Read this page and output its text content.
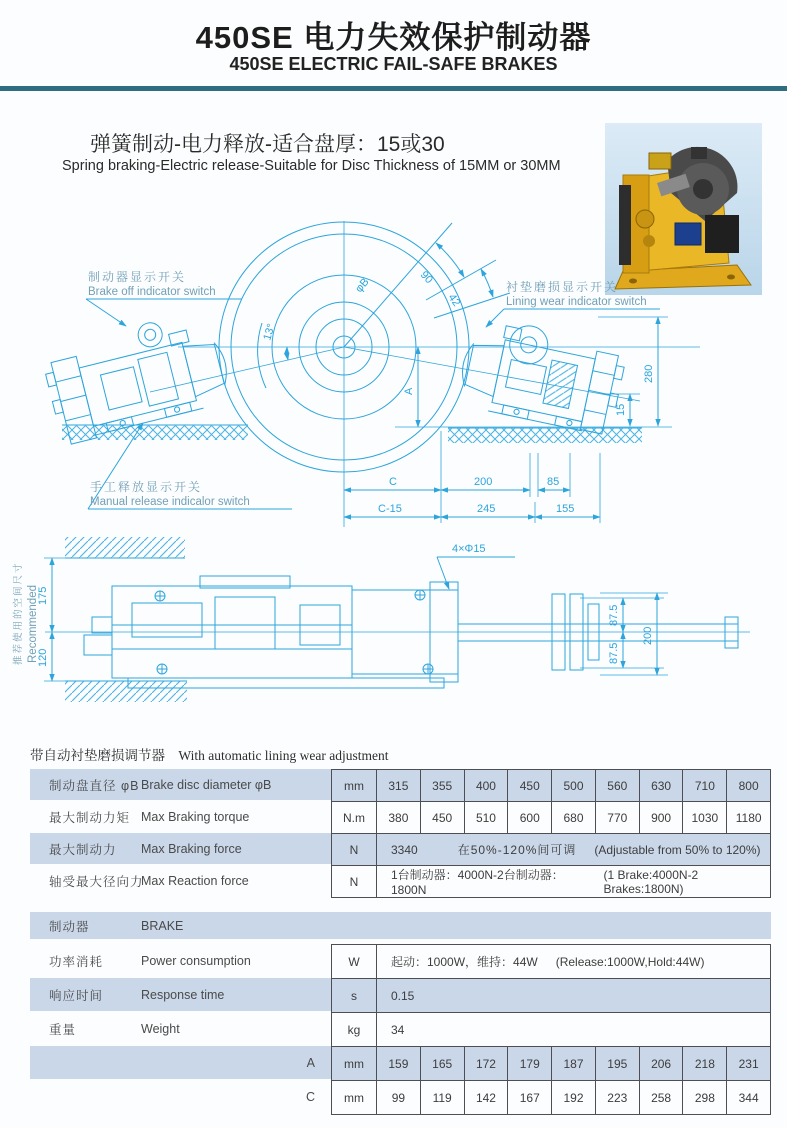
450SE 电力失效保护制动器
450SE ELECTRIC FAIL-SAFE BRAKES
弹簧制动-电力释放-适合盘厚：15或30
Spring braking-Electric release-Suitable for Disc Thickness of 15MM or 30MM
制动器显示开关
Brake off indicator switch	衬垫磨损显示开关
Lining wear indicator switch
手工释放显示开关
Manual release indicalor switch
φB	90
42
13°
A
280
15
C	200	85
C-15	245	155
推荐使用的空间尺寸 Recommended
175
120
4×Φ15
87.5
87.5
200
带自动衬垫磨损调节器 With automatic lining wear adjustment
制动盘直径 φB Brake disc diameter φB	mm	315	355	400	450	500	560	630	710	800
最大制动力矩 Max Braking torque	N.m	380	450	510	600	680	770	900	1030	1180
最大制动力	Max Braking force	N	3340	在50%-120%间可调 (Adjustable from 50% to 120%)
轴受最大径向力
Max Reaction force	N	1台制动器：4000N-2台制动器：1800N
(1 Brake:4000N-2 Brakes:1800N)
制动器	BRAKE
功率消耗	Power consumption	W	起动：1000W，维持：44W (Release:1000W,Hold:44W)
响应时间	Response time	s	0.15
重量	Weight	kg	34
A	mm	159	165	172	179	187	195	206	218	231
C	mm	99	119	142	167	192	223	258	298	344
